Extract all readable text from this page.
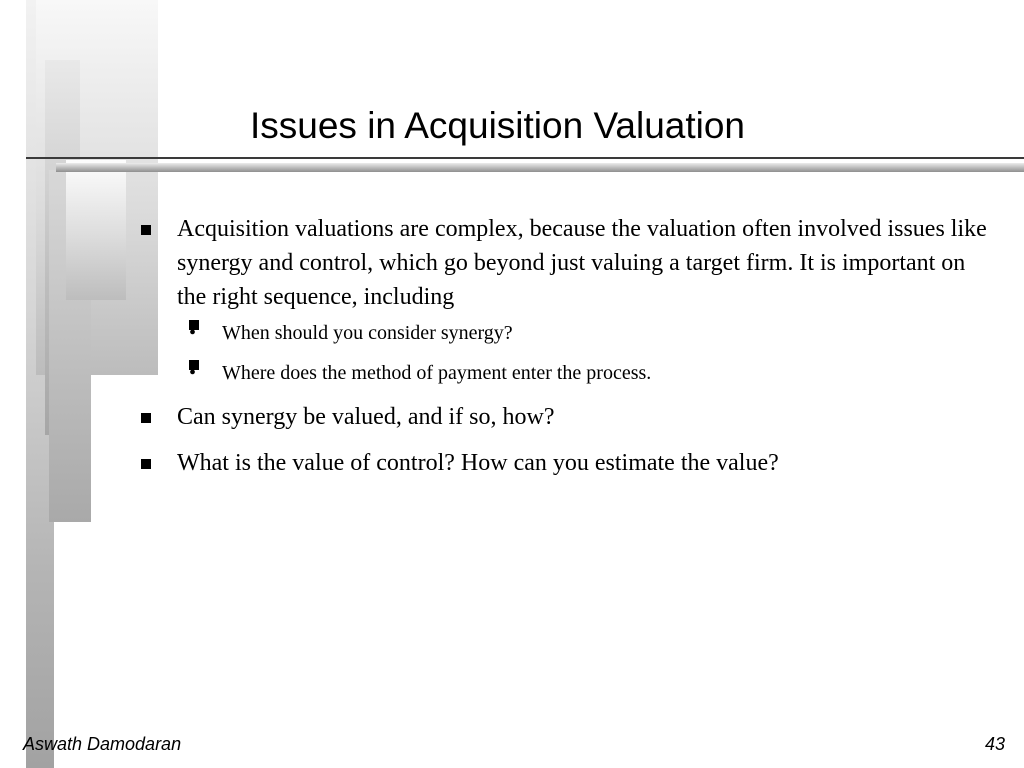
Issues in Acquisition Valuation
Acquisition valuations are complex, because the valuation often involved issues like synergy and control, which go beyond just valuing a target firm. It is important on the right sequence, including
• When should you consider synergy?
• Where does the method of payment enter the process.
Can synergy be valued, and if so, how?
What is the value of control? How can you estimate the value?
Aswath Damodaran	43
